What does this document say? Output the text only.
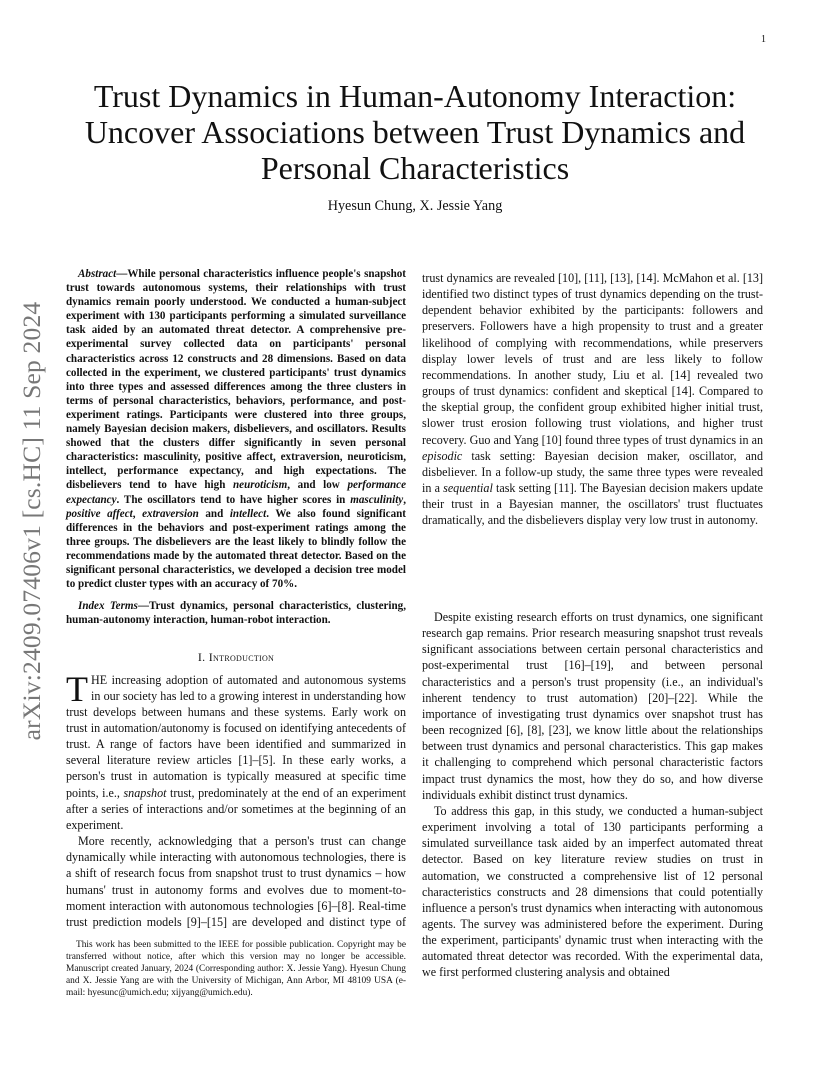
1
arXiv:2409.07406v1 [cs.HC] 11 Sep 2024
Trust Dynamics in Human-Autonomy Interaction:
Uncover Associations between Trust Dynamics and
Personal Characteristics
Hyesun Chung, X. Jessie Yang

Abstract—While personal characteristics influence people's snapshot trust towards autonomous systems, their relationships with trust dynamics remain poorly understood. We conducted a human-subject experiment with 130 participants performing a simulated surveillance task aided by an automated threat detector. A comprehensive pre-experimental survey collected data on participants' personal characteristics across 12 constructs and 28 dimensions. Based on data collected in the experiment, we clustered participants' trust dynamics into three types and assessed differences among the three clusters in terms of personal characteristics, behaviors, performance, and post-experiment ratings. Participants were clustered into three groups, namely Bayesian decision makers, disbelievers, and oscillators. Results showed that the clusters differ significantly in seven personal characteristics: masculinity, positive affect, extraversion, neuroticism, intellect, performance expectancy, and high expectations. The disbelievers tend to have high neuroticism, and low performance expectancy. The oscillators tend to have higher scores in masculinity, positive affect, extraversion and intellect. We also found significant differences in the behaviors and post-experiment ratings among the three groups. The disbelievers are the least likely to blindly follow the recommendations made by the automated threat detector. Based on the significant personal characteristics, we developed a decision tree model to predict cluster types with an accuracy of 70%.

Index Terms—Trust dynamics, personal characteristics, clustering, human-autonomy interaction, human-robot interaction.

I. Introduction

THE increasing adoption of automated and autonomous systems in our society has led to a growing interest in understanding how trust develops between humans and these systems. Early work on trust in automation/autonomy is focused on identifying antecedents of trust. A range of factors have been identified and summarized in several literature review articles [1]–[5]. In these early works, a person's trust in automation is typically measured at specific time points, i.e., snapshot trust, predominately at the end of an experiment after a series of interactions and/or sometimes at the beginning of an experiment.

More recently, acknowledging that a person's trust can change dynamically while interacting with autonomous technologies, there is a shift of research focus from snapshot trust to trust dynamics – how humans' trust in autonomy forms and evolves due to moment-to-moment interaction with autonomous technologies [6]–[8]. Real-time trust prediction models [9]–[15] are developed and distinct type of

This work has been submitted to the IEEE for possible publication. Copyright may be transferred without notice, after which this version may no longer be accessible. Manuscript created January, 2024 (Corresponding author: X. Jessie Yang). Hyesun Chung and X. Jessie Yang are with the University of Michigan, Ann Arbor, MI 48109 USA (e-mail: hyesunc@umich.edu; xijyang@umich.edu).

trust dynamics are revealed [10], [11], [13], [14]. McMahon et al. [13] identified two distinct types of trust dynamics depending on the trust-dependent behavior exhibited by the participants: followers and preservers. Followers have a high propensity to trust and a greater likelihood of complying with recommendations, while preservers display lower levels of trust and are less likely to follow recommendations. In another study, Liu et al. [14] revealed two groups of trust dynamics: confident and skeptical [14]. Compared to the skeptial group, the confident group exhibited higher initial trust, slower trust erosion following trust violations, and higher trust recovery. Guo and Yang [10] found three types of trust dynamics in an episodic task setting: Bayesian decision maker, oscillator, and disbeliever. In a follow-up study, the same three types were revealed in a sequential task setting [11]. The Bayesian decision makers update their trust in a Bayesian manner, the oscillators' trust fluctuates dramatically, and the disbelievers display very low trust in autonomy.

Despite existing research efforts on trust dynamics, one significant research gap remains. Prior research measuring snapshot trust reveals significant associations between certain personal characteristics and post-experimental trust [16]–[19], and between personal characteristics and a person's trust propensity (i.e., an individual's inherent tendency to trust automation) [20]–[22]. While the importance of investigating trust dynamics over snapshot trust has been recognized [6], [8], [23], we know little about the relationships between trust dynamics and personal characteristics. This gap makes it challenging to comprehend which personal characteristic factors impact trust dynamics the most, how they do so, and how diverse individuals exhibit distinct trust dynamics.

To address this gap, in this study, we conducted a human-subject experiment involving a total of 130 participants performing a simulated surveillance task aided by an imperfect automated threat detector. Based on key literature review studies on trust in automation, we constructed a comprehensive list of 12 personal characteristics constructs and 28 dimensions that could potentially influence a person's trust dynamics when interacting with autonomous agents. The survey was administered before the experiment. During the experiment, participants' dynamic trust when interacting with the automated threat detector was recorded. With the experimental data, we first performed clustering analysis and obtained
